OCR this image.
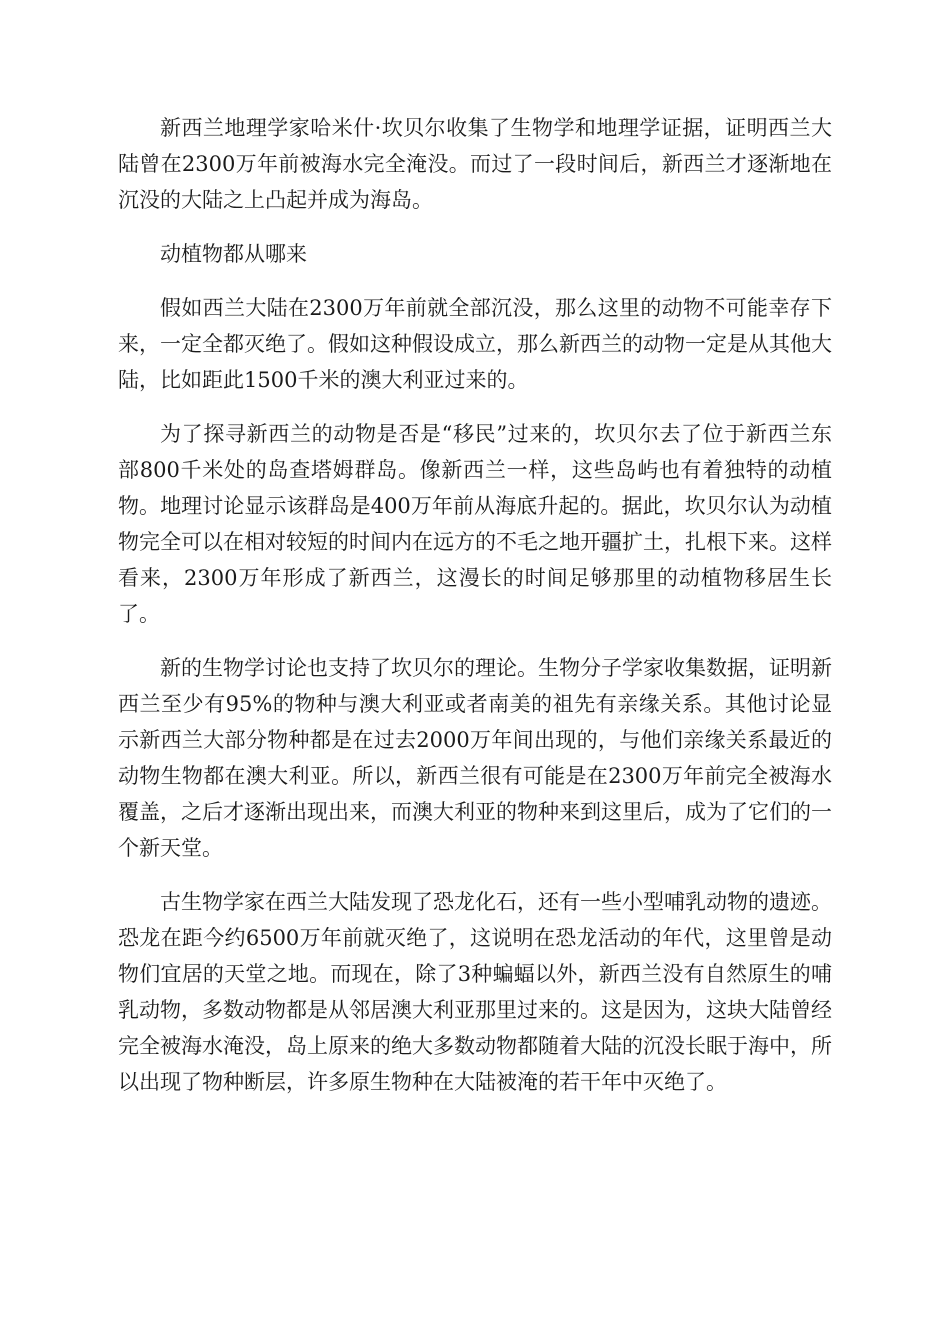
新西兰地理学家哈米什·坎贝尔收集了生物学和地理学证据，证明西兰大陆曾在2300万年前被海水完全淹没。而过了一段时间后，新西兰才逐渐地在沉没的大陆之上凸起并成为海岛。

动植物都从哪来

假如西兰大陆在2300万年前就全部沉没，那么这里的动物不可能幸存下来，一定全都灭绝了。假如这种假设成立，那么新西兰的动物一定是从其他大陆，比如距此1500千米的澳大利亚过来的。

为了探寻新西兰的动物是否是“移民”过来的，坎贝尔去了位于新西兰东部800千米处的岛查塔姆群岛。像新西兰一样，这些岛屿也有着独特的动植物。地理讨论显示该群岛是400万年前从海底升起的。据此，坎贝尔认为动植物完全可以在相对较短的时间内在远方的不毛之地开疆扩土，扎根下来。这样看来，2300万年形成了新西兰，这漫长的时间足够那里的动植物移居生长了。

新的生物学讨论也支持了坎贝尔的理论。生物分子学家收集数据，证明新西兰至少有95%的物种与澳大利亚或者南美的祖先有亲缘关系。其他讨论显示新西兰大部分物种都是在过去2000万年间出现的，与他们亲缘关系最近的动物生物都在澳大利亚。所以，新西兰很有可能是在2300万年前完全被海水覆盖，之后才逐渐出现出来，而澳大利亚的物种来到这里后，成为了它们的一个新天堂。

古生物学家在西兰大陆发现了恐龙化石，还有一些小型哺乳动物的遗迹。恐龙在距今约6500万年前就灭绝了，这说明在恐龙活动的年代，这里曾是动物们宜居的天堂之地。而现在，除了3种蝙蝠以外，新西兰没有自然原生的哺乳动物，多数动物都是从邻居澳大利亚那里过来的。这是因为，这块大陆曾经完全被海水淹没，岛上原来的绝大多数动物都随着大陆的沉没长眠于海中，所以出现了物种断层，许多原生物种在大陆被淹的若干年中灭绝了。
